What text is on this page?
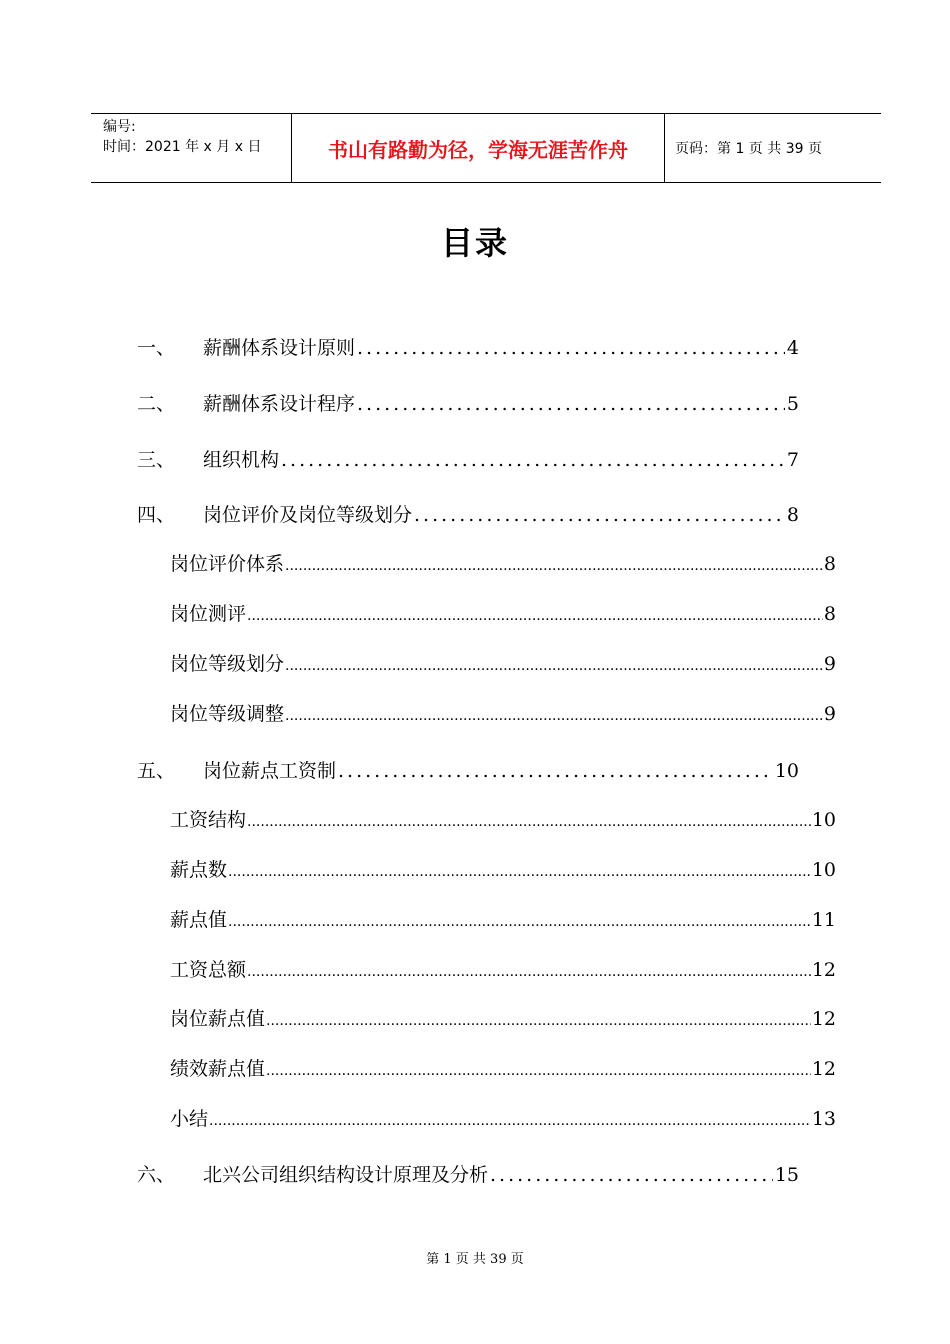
编号:
时间：2021 年 x 月 x 日	书山有路勤为径，学海无涯苦作舟	页码：第 1 页 共 39 页
目录
一、	薪酬体系设计原则 .....	4
二、	薪酬体系设计程序 .....	5
三、	组织机构 .....	7
四、	岗位评价及岗位等级划分 .....	8
岗位评价体系 .....	8
岗位测评 .....	8
岗位等级划分 .....	9
岗位等级调整 .....	9
五、	岗位薪点工资制 .....	10
工资结构 .....	10
薪点数 .....	10
薪点值 .....	11
工资总额 .....	12
岗位薪点值 .....	12
绩效薪点值 .....	12
小结 .....	13
六、	北兴公司组织结构设计原理及分析 .....	15
第 1 页 共 39 页
